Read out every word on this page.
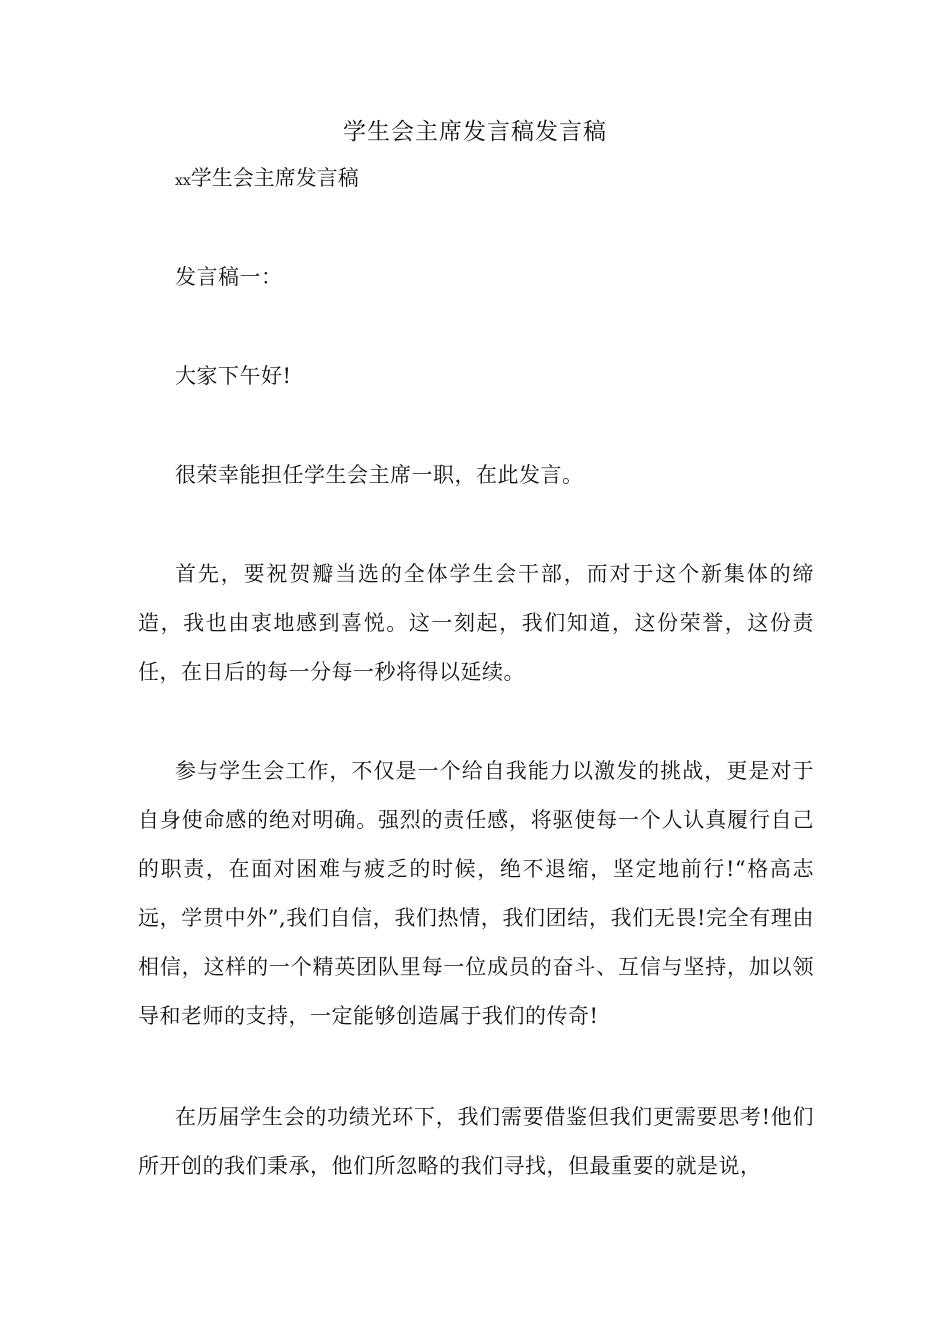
学生会主席发言稿发言稿
xx学生会主席发言稿

发言稿一：

大家下午好!

很荣幸能担任学生会主席一职，在此发言。

首先，要祝贺瓣当选的全体学生会干部，而对于这个新集体的缔造，我也由衷地感到喜悦。这一刻起，我们知道，这份荣誉，这份责任，在日后的每一分每一秒将得以延续。

参与学生会工作，不仅是一个给自我能力以激发的挑战，更是对于自身使命感的绝对明确。强烈的责任感，将驱使每一个人认真履行自己的职责，在面对困难与疲乏的时候，绝不退缩，坚定地前行!“格高志远，学贯中外”,我们自信，我们热情，我们团结，我们无畏!完全有理由相信，这样的一个精英团队里每一位成员的奋斗、互信与坚持，加以领导和老师的支持，一定能够创造属于我们的传奇!

在历届学生会的功绩光环下，我们需要借鉴但我们更需要思考!他们所开创的我们秉承，他们所忽略的我们寻找，但最重要的就是说，
